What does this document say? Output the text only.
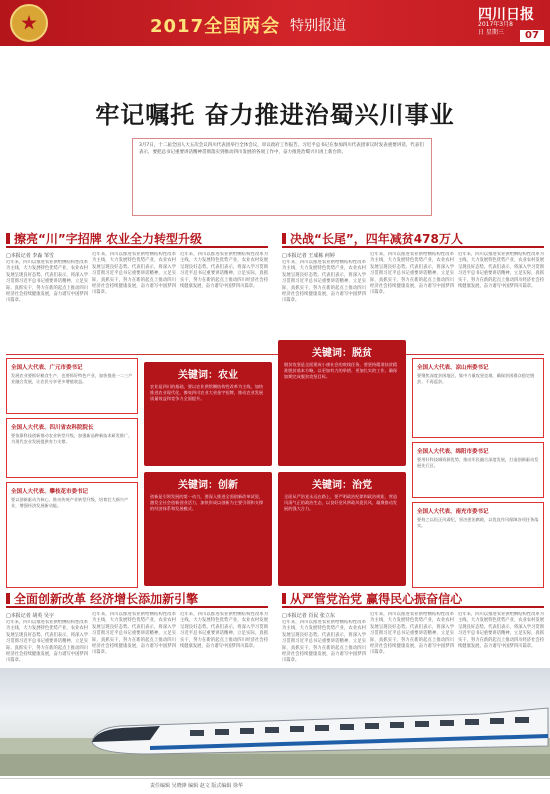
2017全国两会 特别报道
四川日报
2017年3月8日 星期三	07
牢记嘱托 奋力推进治蜀兴川事业
3月7日，十二届全国人大五次会议四川代表团举行全体会议，审议政府工作报告。习近平总书记在参加四川代表团审议时发表重要讲话，代表们表示，要把总书记重要讲话精神贯彻落实到推动四川发展的各项工作中，奋力推进治蜀兴川再上新台阶。
擦亮“川”字招牌 农业全力转型升级	决战“长尾”，四年减贫478万人
□本报记者 李淼 邹雪	□本报记者 王成栋 何婷
近年来，四川以推进农业供给侧结构性改革为主线，大力发展特色优势产业，农业农村发展呈现良好态势。代表们表示，将深入学习贯彻习近平总书记重要讲话精神，立足实际，真抓实干，努力在新的起点上推动四川经济社会持续健康发展，奋力谱写中国梦四川篇章。
近年来，四川以推进农业供给侧结构性改革为主线，大力发展特色优势产业，农业农村发展呈现良好态势。代表们表示，将深入学习贯彻习近平总书记重要讲话精神，立足实际，真抓实干，努力在新的起点上推动四川经济社会持续健康发展，奋力谱写中国梦四川篇章。
近年来，四川以推进农业供给侧结构性改革为主线，大力发展特色优势产业，农业农村发展呈现良好态势。代表们表示，将深入学习贯彻习近平总书记重要讲话精神，立足实际，真抓实干，努力在新的起点上推动四川经济社会持续健康发展，奋力谱写中国梦四川篇章。
近年来，四川以推进农业供给侧结构性改革为主线，大力发展特色优势产业，农业农村发展呈现良好态势。代表们表示，将深入学习贯彻习近平总书记重要讲话精神，立足实际，真抓实干，努力在新的起点上推动四川经济社会持续健康发展，奋力谱写中国梦四川篇章。
近年来，四川以推进农业供给侧结构性改革为主线，大力发展特色优势产业，农业农村发展呈现良好态势。代表们表示，将深入学习贯彻习近平总书记重要讲话精神，立足实际，真抓实干，努力在新的起点上推动四川经济社会持续健康发展，奋力谱写中国梦四川篇章。
近年来，四川以推进农业供给侧结构性改革为主线，大力发展特色优势产业，农业农村发展呈现良好态势。代表们表示，将深入学习贯彻习近平总书记重要讲话精神，立足实际，真抓实干，努力在新的起点上推动四川经济社会持续健康发展，奋力谱写中国梦四川篇章。
全国人大代表、广元市委书记

发展农业要抓好粮食生产，也要抓好特色产业，加快推进一二三产业融合发展，让农民分享更多增值收益。

全国人大代表、四川省农科院院长

要依靠科技创新推动农业转型升级，加强新品种新技术研发推广，为现代农业发展提供有力支撑。

全国人大代表、攀枝花市委书记

要以创新驱动为核心，推动传统产业转型升级，培育壮大新兴产业，增强经济发展新动能。

关键词：农业

农业是四川的基础，要以农业供给侧结构性改革为主线，加快推进农业现代化，擦亮四川农业大省金字招牌，推动农业发展质量效益和竞争力全面提升。

关键词：脱贫

脱贫攻坚是全面建成小康社会的底线任务，要坚持精准扶贫精准脱贫基本方略，以更加有力的举措、更加扎实的工作，确保如期完成脱贫攻坚目标。

关键词：创新

创新是引领发展的第一动力，要深入推进全面创新改革试验，激发全社会创新创业活力，加快形成以创新为主要引领和支撑的经济体系和发展模式。

关键词：治党

全面从严治党永远在路上，要严明政治纪律和政治规矩，营造风清气正的政治生态，以良好党风带政风促民风，凝聚推动发展的强大合力。

全国人大代表、凉山州委书记

要聚焦深度贫困地区，集中力量攻坚克难，确保贫困群众稳定脱贫、不再返贫。

全国人大代表、绵阳市委书记

要用好科技城资源优势，推动军民融合深度发展，打造创新驱动发展先行区。

全国人大代表、南充市委书记

要持之以恒正风肃纪，坚决惩治腐败，以优良作风保障各项任务落实。

全面创新改革 经济增长添加新引擎	从严管党治党 赢得民心振奋信心
□本报记者 胡英 吴宇	□本报记者 肖民 张立东
近年来，四川以推进农业供给侧结构性改革为主线，大力发展特色优势产业，农业农村发展呈现良好态势。代表们表示，将深入学习贯彻习近平总书记重要讲话精神，立足实际，真抓实干，努力在新的起点上推动四川经济社会持续健康发展，奋力谱写中国梦四川篇章。
近年来，四川以推进农业供给侧结构性改革为主线，大力发展特色优势产业，农业农村发展呈现良好态势。代表们表示，将深入学习贯彻习近平总书记重要讲话精神，立足实际，真抓实干，努力在新的起点上推动四川经济社会持续健康发展，奋力谱写中国梦四川篇章。
近年来，四川以推进农业供给侧结构性改革为主线，大力发展特色优势产业，农业农村发展呈现良好态势。代表们表示，将深入学习贯彻习近平总书记重要讲话精神，立足实际，真抓实干，努力在新的起点上推动四川经济社会持续健康发展，奋力谱写中国梦四川篇章。
近年来，四川以推进农业供给侧结构性改革为主线，大力发展特色优势产业，农业农村发展呈现良好态势。代表们表示，将深入学习贯彻习近平总书记重要讲话精神，立足实际，真抓实干，努力在新的起点上推动四川经济社会持续健康发展，奋力谱写中国梦四川篇章。
近年来，四川以推进农业供给侧结构性改革为主线，大力发展特色优势产业，农业农村发展呈现良好态势。代表们表示，将深入学习贯彻习近平总书记重要讲话精神，立足实际，真抓实干，努力在新的起点上推动四川经济社会持续健康发展，奋力谱写中国梦四川篇章。
近年来，四川以推进农业供给侧结构性改革为主线，大力发展特色优势产业，农业农村发展呈现良好态势。代表们表示，将深入学习贯彻习近平总书记重要讲话精神，立足实际，真抓实干，努力在新的起点上推动四川经济社会持续健康发展，奋力谱写中国梦四川篇章。
责任编辑 吴晓锋 编辑 赵文 版式编辑 徐华
